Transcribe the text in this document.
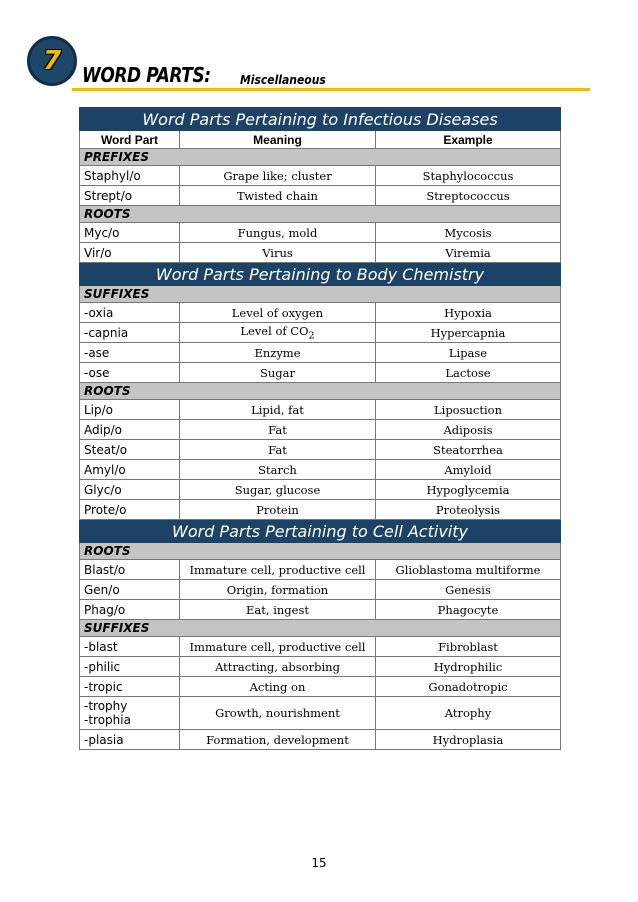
7 WORD PARTS: Miscellaneous
Word Parts Pertaining to Infectious Diseases		
Word Part	Meaning	Example
PREFIXES		

Staphyl/o	Grape like; cluster	Staphylococcus

Strept/o	Twisted chain	Streptococcus
ROOTS		

Myc/o	Fungus, mold	Mycosis

Vir/o	Virus	Viremia
Word Parts Pertaining to Body Chemistry		
SUFFIXES		

-oxia	Level of oxygen	Hypoxia

-capnia	Level of $CO_2$	Hypercapnia

-ase	Enzyme	Lipase

-ose	Sugar	Lactose
ROOTS		

Lip/o	Lipid, fat	Liposuction

Adip/o	Fat	Adiposis

Steat/o	Fat	Steatorrhea

Amyl/o	Starch	Amyloid

Glyc/o	Sugar, glucose	Hypoglycemia

Prote/o	Protein	Proteolysis
Word Parts Pertaining to Cell Activity		
ROOTS		

Blast/o	Immature cell, productive cell	Glioblastoma multiforme

Gen/o	Origin, formation	Genesis

Phag/o	Eat, ingest	Phagocyte
SUFFIXES		

-blast	Immature cell, productive cell	Fibroblast

-philic	Attracting, absorbing	Hydrophilic

-tropic	Acting on	Gonadotropic

-trophy
-trophia	Growth, nourishment	Atrophy

-plasia	Formation, development	Hydroplasia
15
